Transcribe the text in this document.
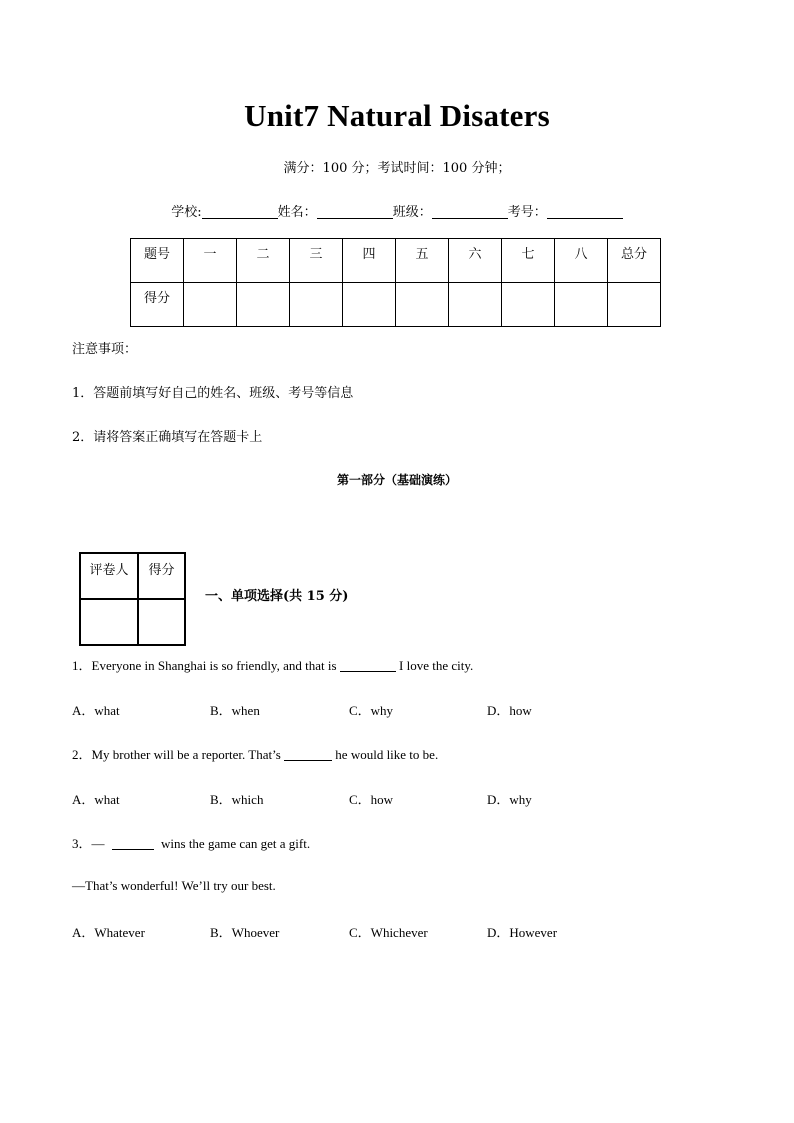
Unit7 Natural Disaters
满分：100 分；考试时间：100 分钟；
学校:	姓名：	班级：	考号：
题号	一	二	三	四	五	六	七	八	总分
得分									
注意事项：
1．答题前填写好自己的姓名、班级、考号等信息
2．请将答案正确填写在答题卡上
第一部分（基础演练）
评卷人	得分

一、单项选择(共 15 分)
1．Everyone in Shanghai is so friendly, and that is	I love the city.
A．what	B．when	C．why	D．how
2．My brother will be a reporter. That’s	he would like to be.
A．what	B．which	C．how	D．why
3．—	wins the game can get a gift.
—That’s wonderful! We’ll try our best.
A．Whatever	B．Whoever	C．Whichever	D．However
